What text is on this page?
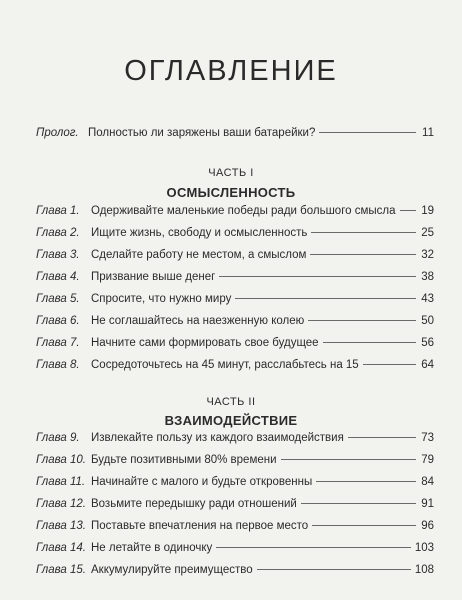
ОГЛАВЛЕНИЕ
Пролог. Полностью ли заряжены ваши батарейки?	11
ЧАСТЬ I
ОСМЫСЛЕННОСТЬ
Глава 1. Одерживайте маленькие победы ради большого смысла 19
Глава 2. Ищите жизнь, свободу и осмысленность	25
Глава 3. Сделайте работу не местом, а смыслом	32
Глава 4. Призвание выше денег	38
Глава 5. Спросите, что нужно миру	43
Глава 6. Не соглашайтесь на наезженную колею	50
Глава 7. Начните сами формировать свое будущее	56
Глава 8. Сосредоточьтесь на 45 минут, расслабьтесь на 15	64
ЧАСТЬ II
ВЗАИМОДЕЙСТВИЕ
Глава 9. Извлекайте пользу из каждого взаимодействия	73
Глава 10. Будьте позитивными 80% времени	79
Глава 11. Начинайте с малого и будьте откровенны	84
Глава 12. Возьмите передышку ради отношений	91
Глава 13. Поставьте впечатления на первое место	96
Глава 14. Не летайте в одиночку	103
Глава 15. Аккумулируйте преимущество	108
